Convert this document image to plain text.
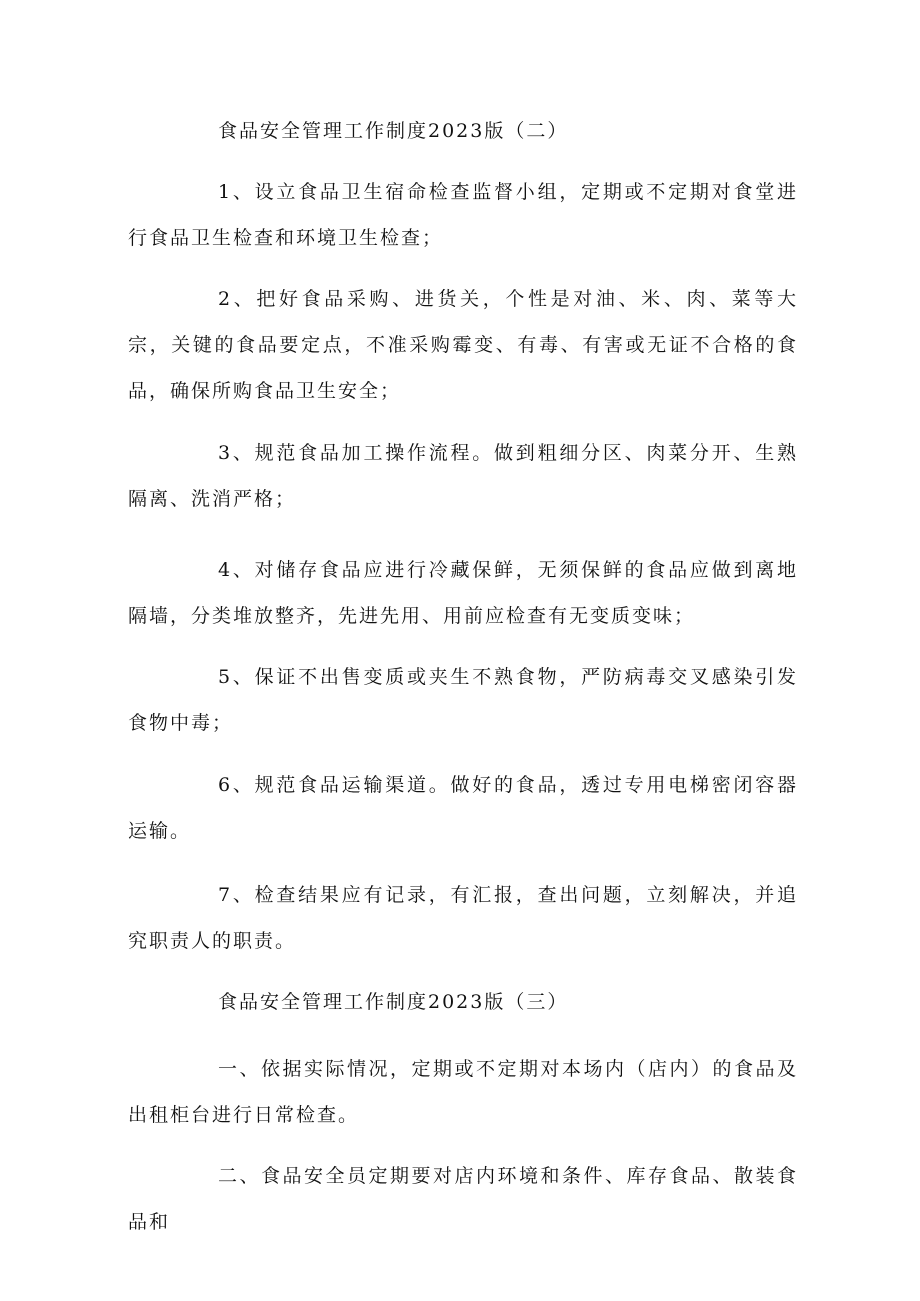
食品安全管理工作制度2023版（二）

1、设立食品卫生宿命检查监督小组，定期或不定期对食堂进行食品卫生检查和环境卫生检查；

2、把好食品采购、进货关，个性是对油、米、肉、菜等大宗，关键的食品要定点，不准采购霉变、有毒、有害或无证不合格的食品，确保所购食品卫生安全；

3、规范食品加工操作流程。做到粗细分区、肉菜分开、生熟隔离、洗消严格；

4、对储存食品应进行冷藏保鲜，无须保鲜的食品应做到离地隔墙，分类堆放整齐，先进先用、用前应检查有无变质变味；

5、保证不出售变质或夹生不熟食物，严防病毒交叉感染引发食物中毒；

6、规范食品运输渠道。做好的食品，透过专用电梯密闭容器运输。

7、检查结果应有记录，有汇报，查出问题，立刻解决，并追究职责人的职责。

食品安全管理工作制度2023版（三）

一、依据实际情况，定期或不定期对本场内（店内）的食品及出租柜台进行日常检查。

二、食品安全员定期要对店内环境和条件、库存食品、散装食品和
